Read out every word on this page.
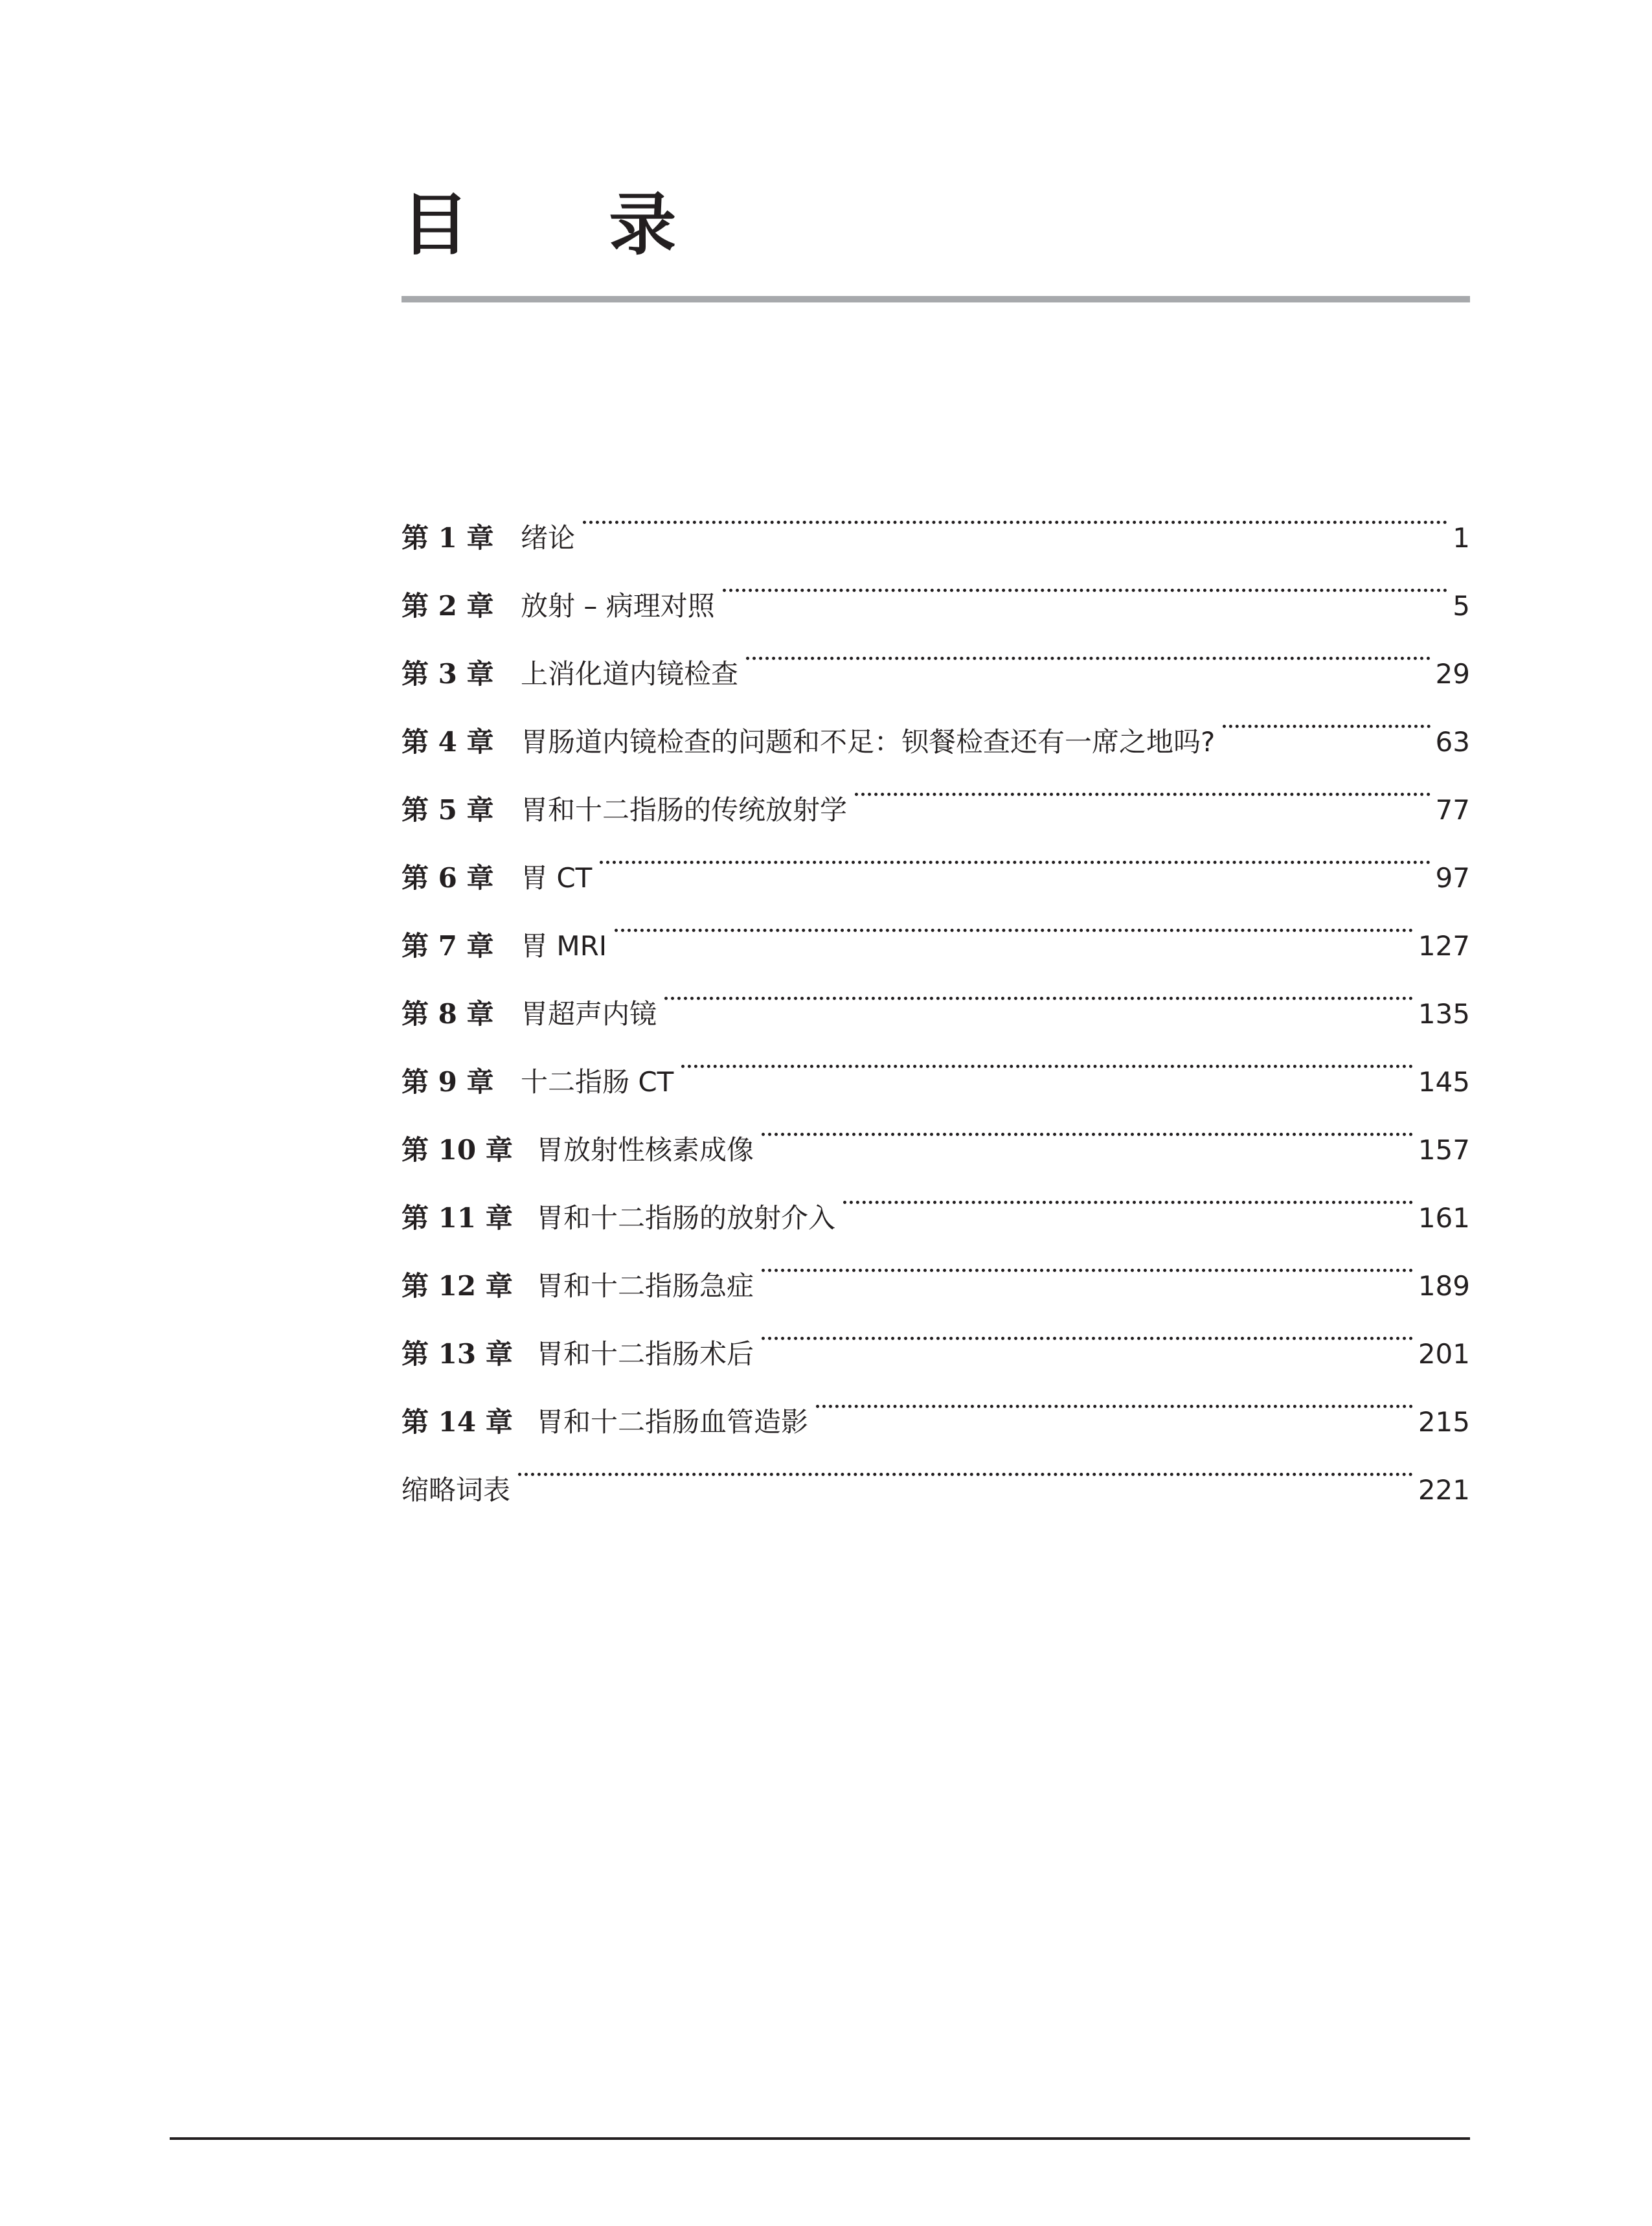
目 录
第 1 章 绪论	1
第 2 章 放射 – 病理对照	5
第 3 章 上消化道内镜检查	29
第 4 章 胃肠道内镜检查的问题和不足：钡餐检查还有一席之地吗?	63
第 5 章 胃和十二指肠的传统放射学	77
第 6 章 胃 CT	97
第 7 章 胃 MRI	127
第 8 章 胃超声内镜	135
第 9 章 十二指肠 CT	145
第 10 章 胃放射性核素成像	157
第 11 章 胃和十二指肠的放射介入	161
第 12 章 胃和十二指肠急症	189
第 13 章 胃和十二指肠术后	201
第 14 章 胃和十二指肠血管造影	215
缩略词表	221
